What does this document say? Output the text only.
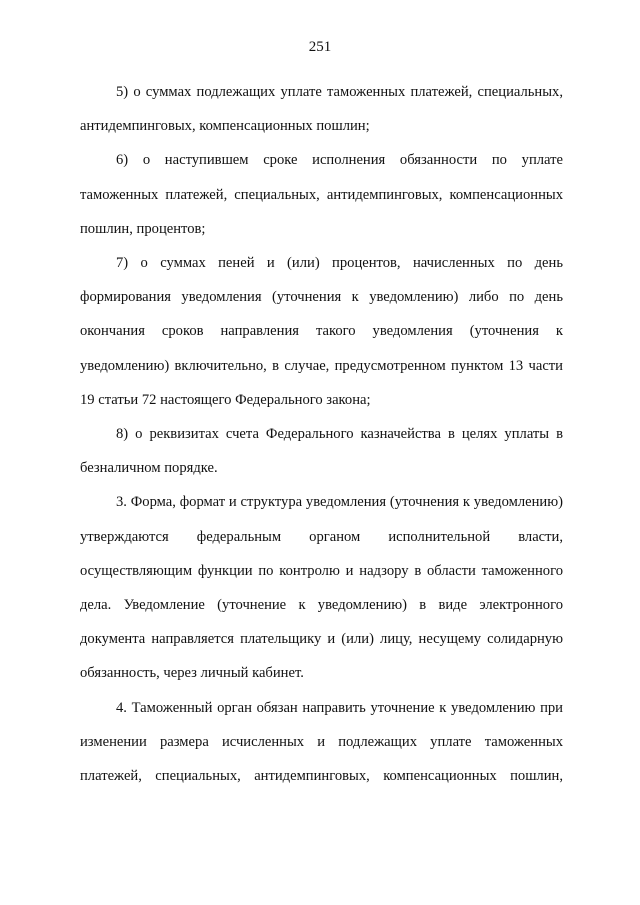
251

5) о суммах подлежащих уплате таможенных платежей, специальных, антидемпинговых, компенсационных пошлин;

6) о наступившем сроке исполнения обязанности по уплате таможенных платежей, специальных, антидемпинговых, компенсационных пошлин, процентов;

7) о суммах пеней и (или) процентов, начисленных по день формирования уведомления (уточнения к уведомлению) либо по день окончания сроков направления такого уведомления (уточнения к уведомлению) включительно, в случае, предусмотренном пунктом 13 части 19 статьи 72 настоящего Федерального закона;

8) о реквизитах счета Федерального казначейства в целях уплаты в безналичном порядке.

3. Форма, формат и структура уведомления (уточнения к уведомлению) утверждаются федеральным органом исполнительной власти, осуществляющим функции по контролю и надзору в области таможенного дела. Уведомление (уточнение к уведомлению) в виде электронного документа направляется плательщику и (или) лицу, несущему солидарную обязанность, через личный кабинет.

4. Таможенный орган обязан направить уточнение к уведомлению при изменении размера исчисленных и подлежащих уплате таможенных платежей, специальных, антидемпинговых, компенсационных пошлин,
